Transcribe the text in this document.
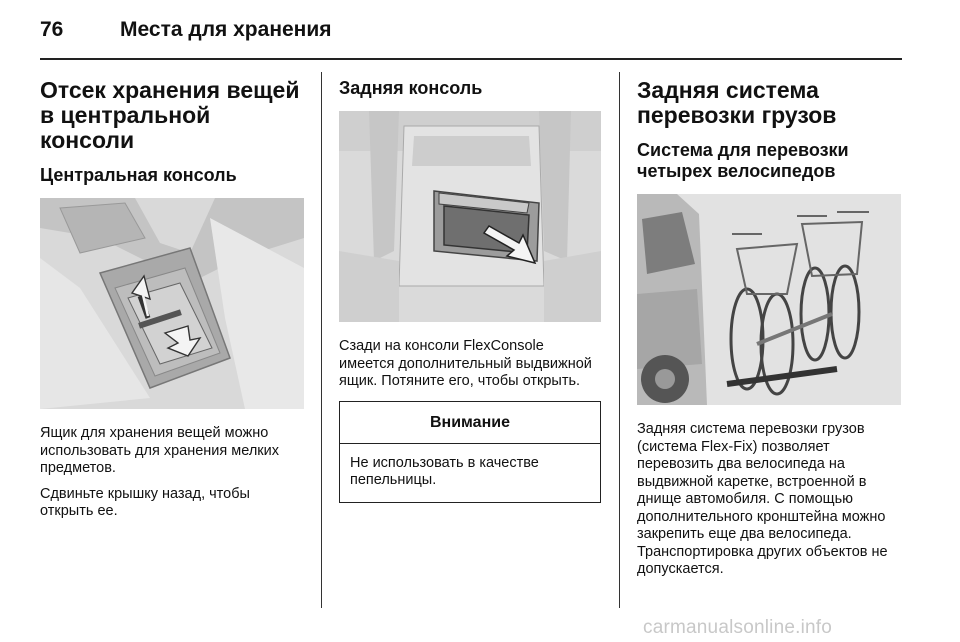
76	Места для хранения
Отсек хранения вещей в центральной консоли
Центральная консоль

Ящик для хранения вещей можно использовать для хранения мелких предметов.

Сдвиньте крышку назад, чтобы открыть ее.

Задняя консоль

Сзади на консоли FlexConsole имеется дополнительный выдвижной ящик. Потяните его, чтобы открыть.

Внимание
Не использовать в качестве пепельницы.
Задняя система перевозки грузов
Система для перевозки четырех велосипедов

Задняя система перевозки грузов (система Flex-Fix) позволяет перевозить два велосипеда на выдвижной каретке, встроенной в днище автомобиля. С помощью дополнительного кронштейна можно закрепить еще два велосипеда. Транспортировка других объектов не допускается.

carmanualsonline.info
